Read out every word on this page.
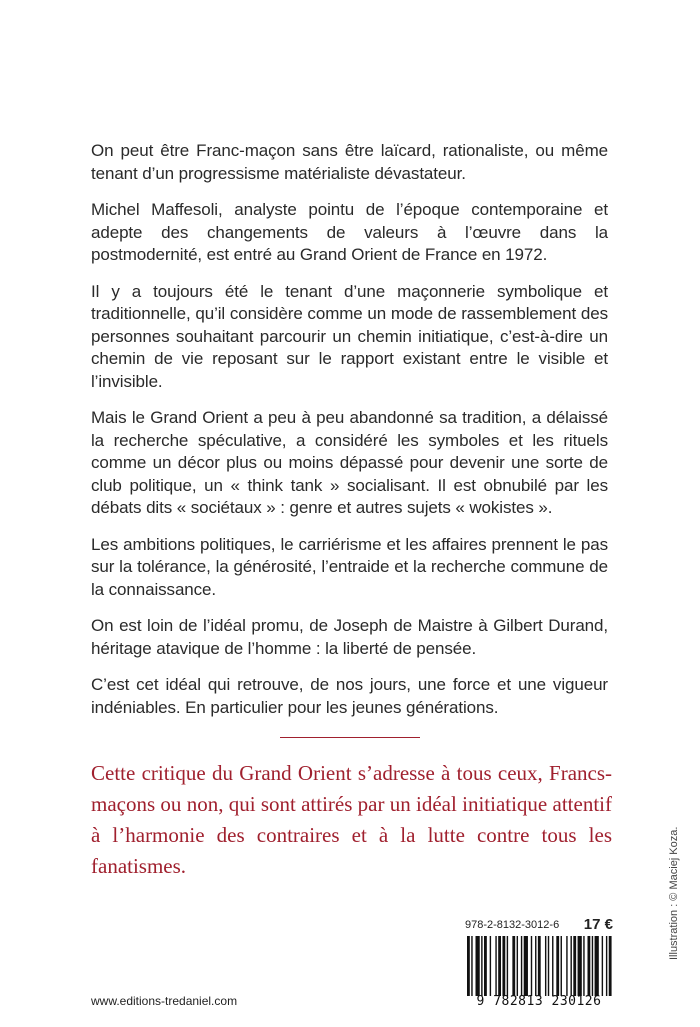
On peut être Franc-maçon sans être laïcard, rationaliste, ou même tenant d’un progressisme matérialiste dévastateur.

Michel Maffesoli, analyste pointu de l’époque contemporaine et adepte des changements de valeurs à l’œuvre dans la postmodernité, est entré au Grand Orient de France en 1972.

Il y a toujours été le tenant d’une maçonnerie symbolique et traditionnelle, qu’il considère comme un mode de rassemblement des personnes souhaitant parcourir un chemin initiatique, c’est-à-dire un chemin de vie reposant sur le rapport existant entre le visible et l’invisible.

Mais le Grand Orient a peu à peu abandonné sa tradition, a délaissé la recherche spéculative, a considéré les symboles et les rituels comme un décor plus ou moins dépassé pour devenir une sorte de club politique, un « think tank » socialisant. Il est obnubilé par les débats dits « sociétaux » : genre et autres sujets « wokistes ».

Les ambitions politiques, le carriérisme et les affaires prennent le pas sur la tolérance, la générosité, l’entraide et la recherche commune de la connaissance.

On est loin de l’idéal promu, de Joseph de Maistre à Gilbert Durand, héritage atavique de l’homme : la liberté de pensée.

C’est cet idéal qui retrouve, de nos jours, une force et une vigueur indéniables. En particulier pour les jeunes générations.

Cette critique du Grand Orient s’adresse à tous ceux, Francs-maçons ou non, qui sont attirés par un idéal initiatique attentif à l’harmonie des contraires et à la lutte contre tous les fanatismes.	Illustration : © Maciej Koza.
978-2-8132-3012-6 17 €
9 782813 230126
www.editions-tredaniel.com
